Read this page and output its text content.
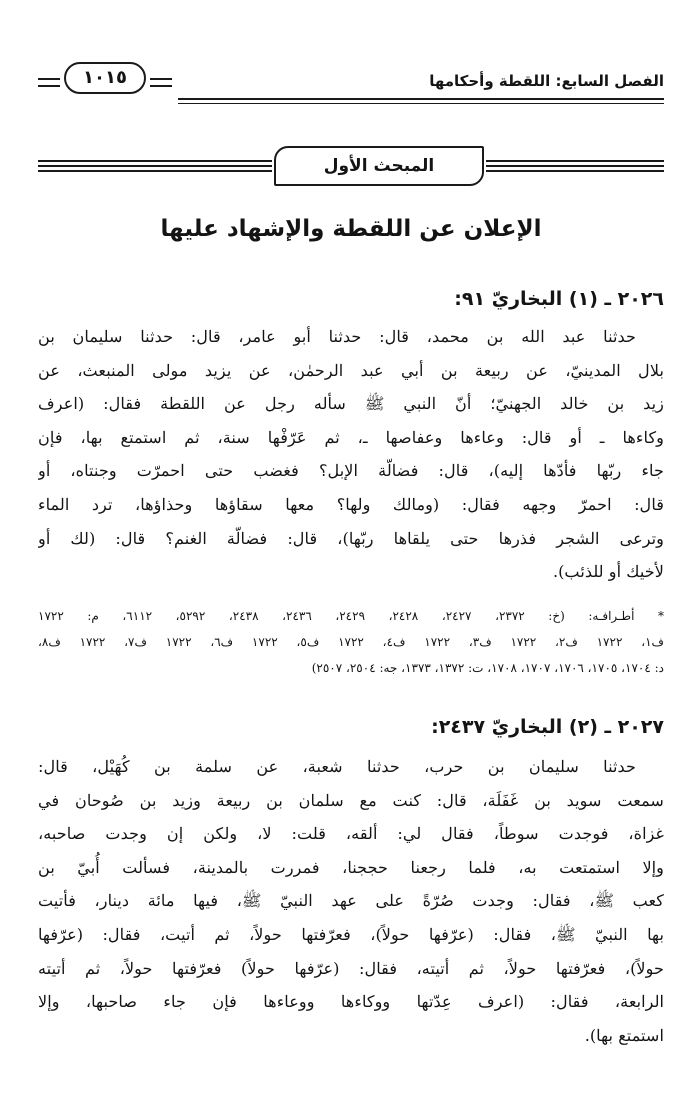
الفصل السابع: اللقطة وأحكامها
١٠١٥
المبحث الأول
الإعلان عن اللقطة والإشهاد عليها
٢٠٢٦ ـ (١) البخاريّ ٩١:
حدثنا عبد الله بن محمد، قال: حدثنا أبو عامر، قال: حدثنا سليمان بن
بلال المدينيّ، عن ربيعة بن أبي عبد الرحمٰن، عن يزيد مولى المنبعث، عن
زيد بن خالد الجهنيّ؛ أنّ النبي ﷺ سأله رجل عن اللقطة فقال: (اعرف
وكاءها ـ أو قال: وعاءها وعفاصها ـ، ثم عَرّفْها سنة، ثم استمتع بها، فإن
جاء ربّها فأدّها إليه)، قال: فضالّة الإبل؟ فغضب حتى احمرّت وجنتاه، أو
قال: احمرّ وجهه فقال: (ومالك ولها؟ معها سقاؤها وحذاؤها، ترد الماء
وترعى الشجر فذرها حتى يلقاها ربّها)، قال: فضالّة الغنم؟ قال: (لك أو
لأخيك أو للذئب).
* أطـراف‍ـه: (خ: ٢٣٧٢، ٢٤٢٧، ٢٤٢٨، ٢٤٢٩، ٢٤٣٦، ٢٤٣٨، ٥٢٩٢، ٦١١٢، م: ١٧٢٢
ف١، ١٧٢٢ ف٢، ١٧٢٢ ف٣، ١٧٢٢ ف٤، ١٧٢٢ ف٥، ١٧٢٢ ف٦، ١٧٢٢ ف٧، ١٧٢٢ ف٨،
د: ١٧٠٤، ١٧٠٥، ١٧٠٦، ١٧٠٧، ١٧٠٨، ت: ١٣٧٢، ١٣٧٣، جه: ٢٥٠٤، ٢٥٠٧)
٢٠٢٧ ـ (٢) البخاريّ ٢٤٣٧:
حدثنا سليمان بن حرب، حدثنا شعبة، عن سلمة بن كُهَيْل، قال:
سمعت سويد بن غَفَلَة، قال: كنت مع سلمان بن ربيعة وزيد بن صُوحان في
غزاة، فوجدت سوطاً، فقال لي: ألقه، قلت: لا، ولكن إن وجدت صاحبه،
وإلا استمتعت به، فلما رجعنا حججنا، فمررت بالمدينة، فسألت أُبيّ بن
كعب ﷺ، فقال: وجدت صُرّةً على عهد النبيّ ﷺ، فيها مائة دينار، فأتيت
بها النبيّ ﷺ، فقال: (عرّفها حولاً)، فعرّفتها حولاً، ثم أتيت، فقال: (عرّفها
حولاً)، فعرّفتها حولاً، ثم أتيته، فقال: (عرّفها حولاً) فعرّفتها حولاً، ثم أتيته
الرابعة، فقال: (اعرف عِدّتها ووكاءها ووعاءها فإن جاء صاحبها، وإلا
استمتع بها).
